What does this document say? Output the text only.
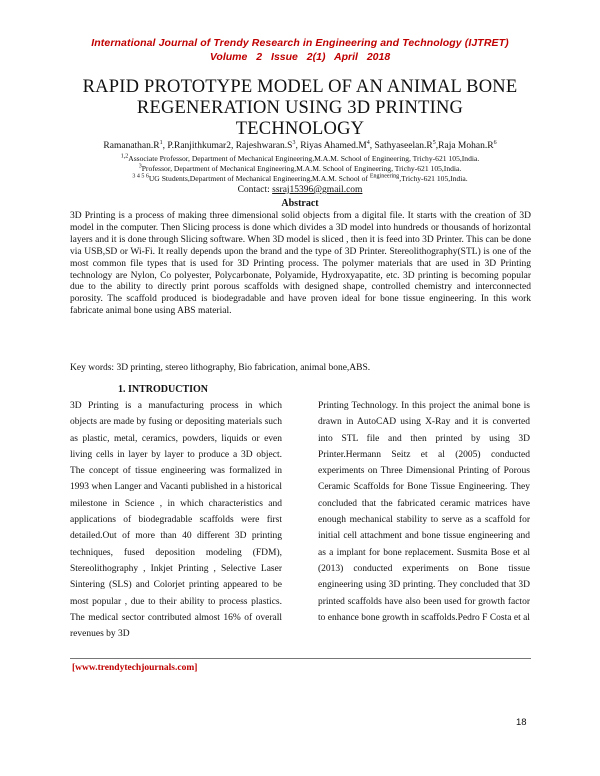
International Journal of Trendy Research in Engineering and Technology (IJTRET)
Volume 2 Issue 2(1) April 2018
RAPID PROTOTYPE MODEL OF AN ANIMAL BONE
REGENERATION USING 3D PRINTING
TECHNOLOGY
$Ramanathan.R^1$, P.Ranjithkumar2, $Rajeshwaran.S^3$, Riyas $Ahamed.M^4$, $Sathyaseelan.R^5,Raja$ $Mohan.R^6$
$^{1,2}$Associate Professor, Department of Mechanical Engineering,M.A.M. School of Engineering, Trichy-621 105,India.
$^3$Professor, Department of Mechanical Engineering,M.A.M. School of Engineering, Trichy-621 105,India.
$^{3 4 5 6}$UG Students,Department of Mechanical Engineering,M.A.M. School of $^{Engineering}$,Trichy-621 105,India.
Contact: ssraj15396@gmail.com
Abstract
3D Printing is a process of making three dimensional solid objects from a digital file. It starts with the creation of 3D model in the computer. Then Slicing process is done which divides a 3D model into hundreds or thousands of horizontal layers and it is done through Slicing software. When 3D model is sliced , then it is feed into 3D Printer. This can be done via USB,SD or Wi-Fi. It really depends upon the brand and the type of 3D Printer. Stereolithography(STL) is one of the most common file types that is used for 3D Printing process. The polymer materials that are used in 3D Printing technology are Nylon, Co polyester, Polycarbonate, Polyamide, Hydroxyapatite, etc. 3D printing is becoming popular due to the ability to directly print porous scaffolds with designed shape, controlled chemistry and interconnected porosity. The scaffold produced is biodegradable and have proven ideal for bone tissue engineering. In this work fabricate animal bone using ABS material.
Key words: 3D printing, stereo lithography, Bio fabrication, animal bone,ABS.
1. INTRODUCTION
3D Printing is a manufacturing process in which objects are made by fusing or depositing materials such as plastic, metal, ceramics, powders, liquids or even living cells in layer by layer to produce a 3D object. The concept of tissue engineering was formalized in 1993 when Langer and Vacanti published in a historical milestone in Science , in which characteristics and applications of biodegradable scaffolds were first detailed.Out of more than 40 different 3D printing techniques, fused deposition modeling (FDM), Stereolithography , Inkjet Printing , Selective Laser Sintering (SLS) and Colorjet printing appeared to be most popular , due to their ability to process plastics. The medical sector contributed almost 16% of overall revenues by 3D
Printing Technology. In this project the animal bone is drawn in AutoCAD using X-Ray and it is converted into STL file and then printed by using 3D Printer.Hermann Seitz et al (2005) conducted experiments on Three Dimensional Printing of Porous Ceramic Scaffolds for Bone Tissue Engineering. They concluded that the fabricated ceramic matrices have enough mechanical stability to serve as a scaffold for initial cell attachment and bone tissue engineering and as a implant for bone replacement. Susmita Bose et al (2013) conducted experiments on Bone tissue engineering using 3D printing. They concluded that 3D printed scaffolds have also been used for growth factor to enhance bone growth in scaffolds.Pedro F Costa et al
[www.trendytechjournals.com]
18
